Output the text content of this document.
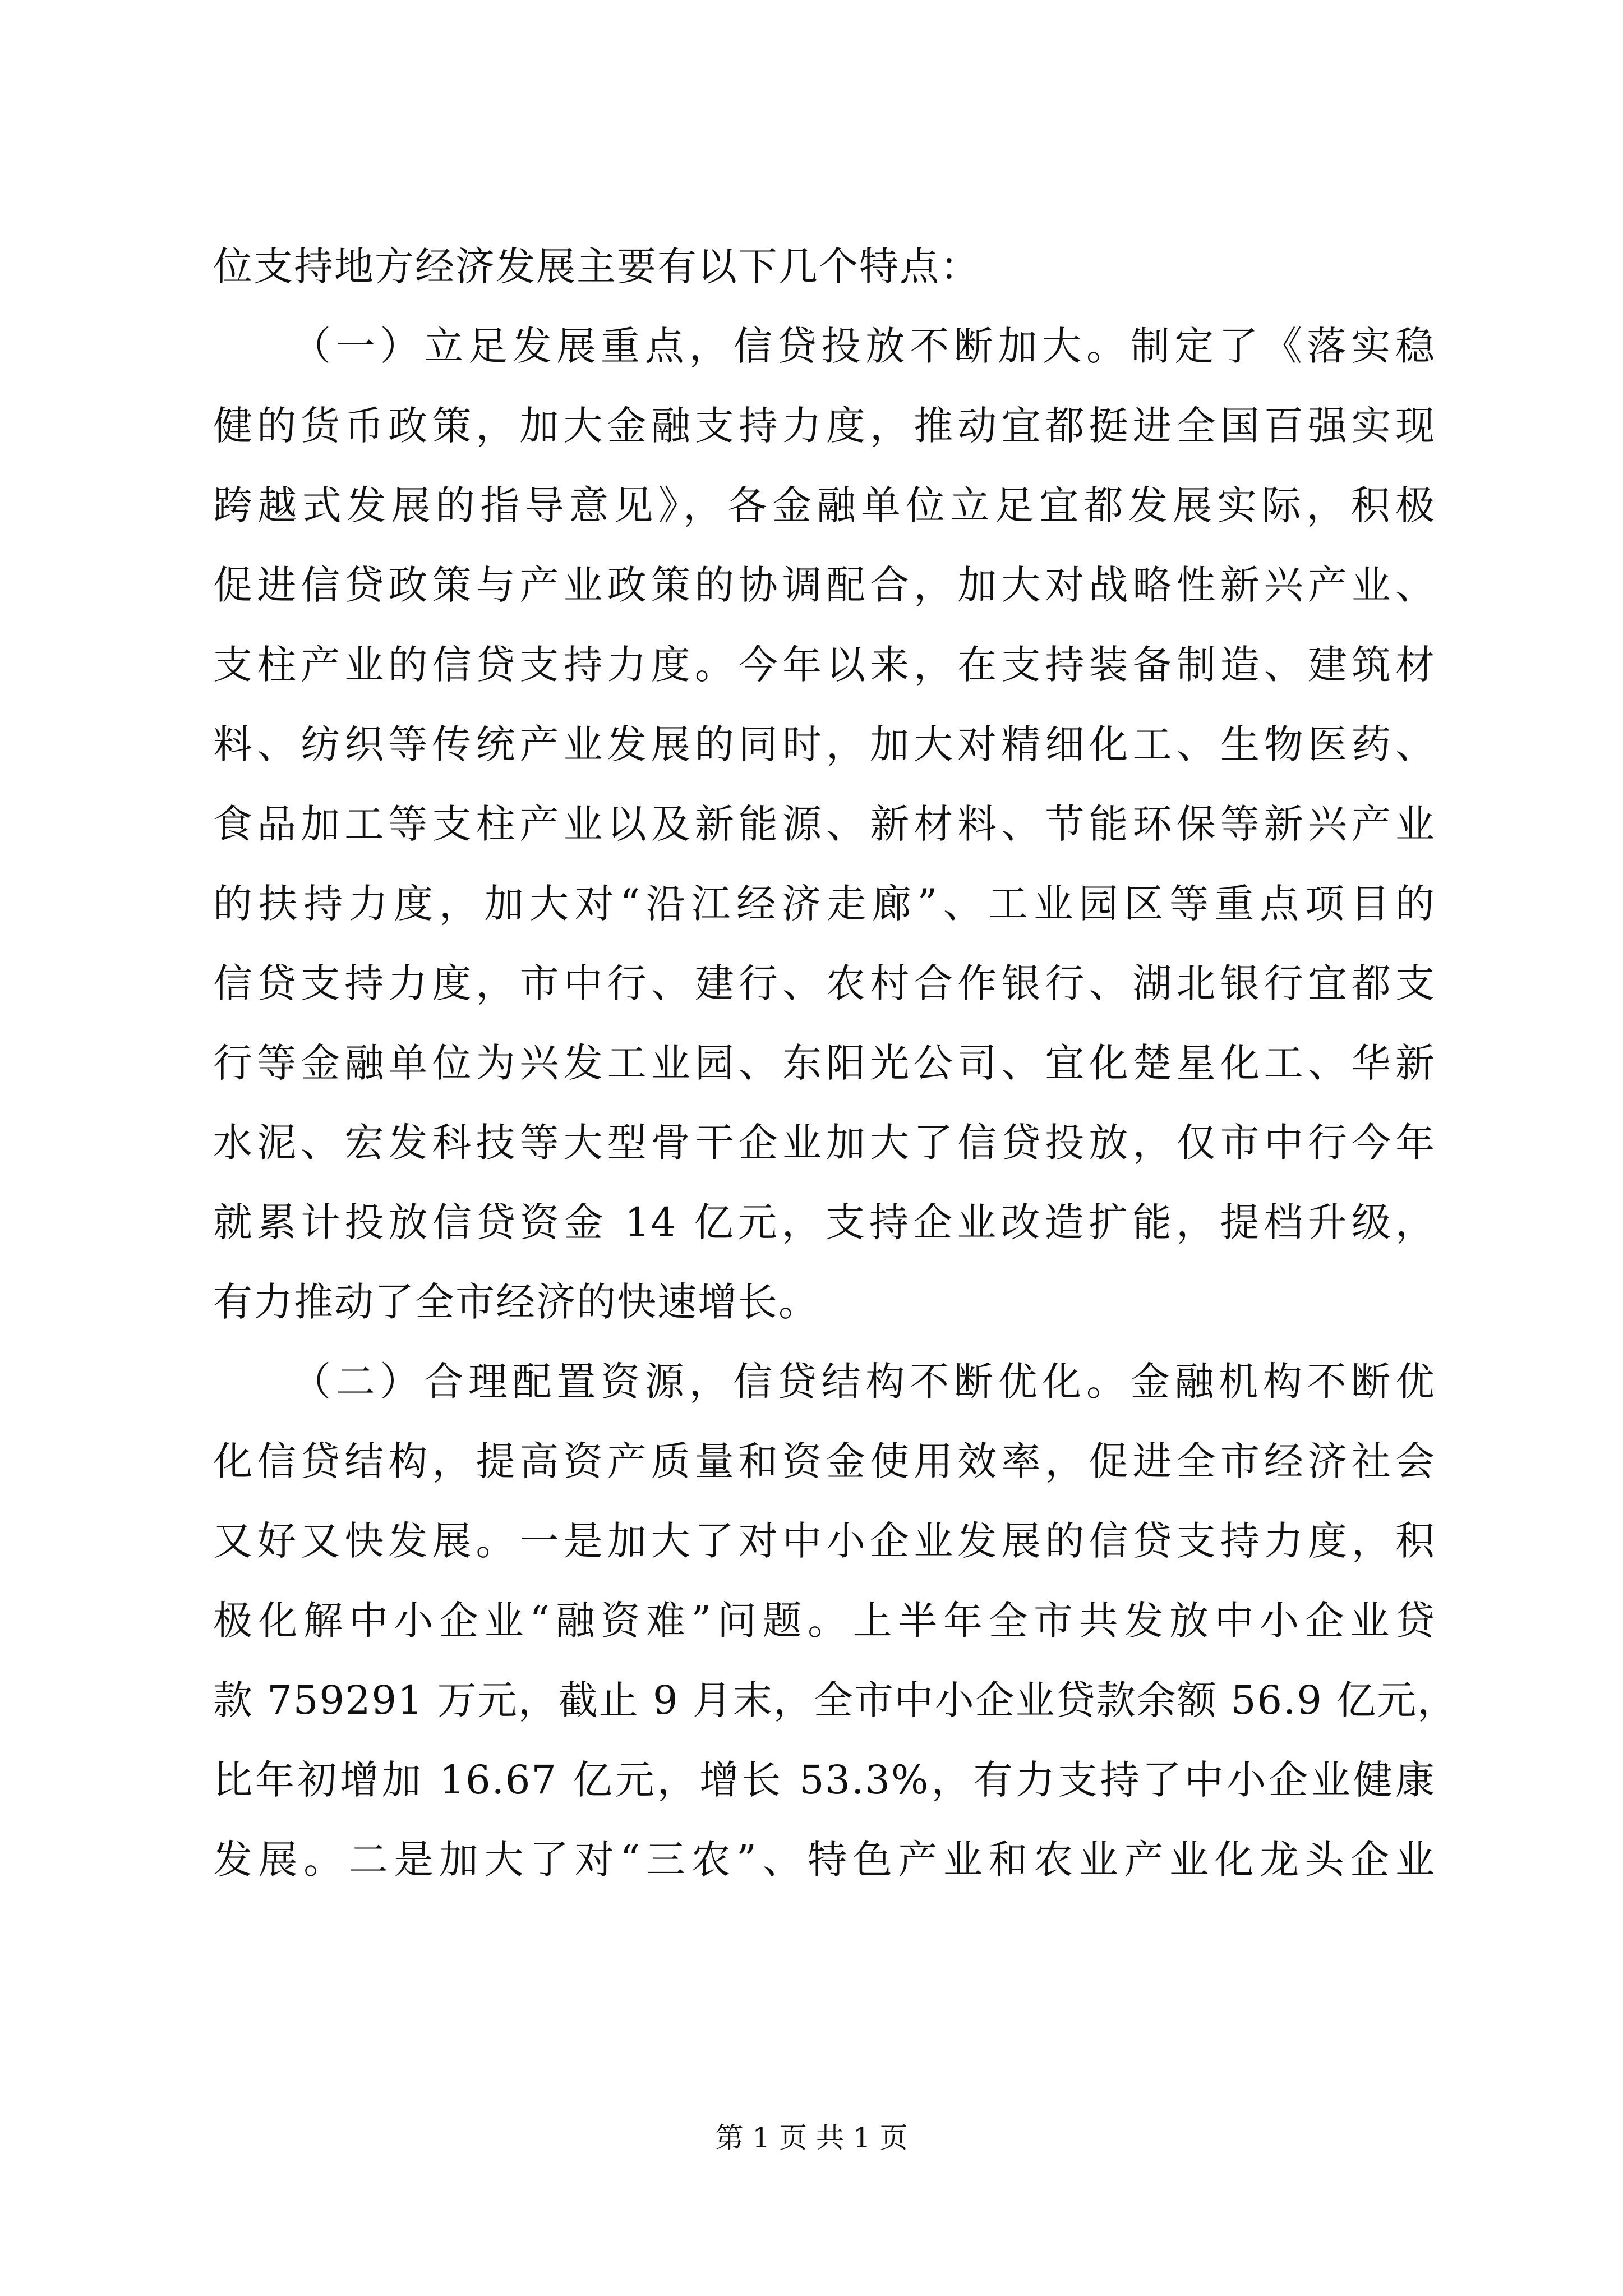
位支持地方经济发展主要有以下几个特点：
（一）立足发展重点，信贷投放不断加大。制定了《落实稳
健的货币政策，加大金融支持力度，推动宜都挺进全国百强实现
跨越式发展的指导意见》，各金融单位立足宜都发展实际，积极
促进信贷政策与产业政策的协调配合，加大对战略性新兴产业、
支柱产业的信贷支持力度。今年以来，在支持装备制造、建筑材
料、纺织等传统产业发展的同时，加大对精细化工、生物医药、
食品加工等支柱产业以及新能源、新材料、节能环保等新兴产业
的扶持力度，加大对“沿江经济走廊”、工业园区等重点项目的
信贷支持力度，市中行、建行、农村合作银行、湖北银行宜都支
行等金融单位为兴发工业园、东阳光公司、宜化楚星化工、华新
水泥、宏发科技等大型骨干企业加大了信贷投放，仅市中行今年
就累计投放信贷资金 14 亿元，支持企业改造扩能，提档升级，
有力推动了全市经济的快速增长。
（二）合理配置资源，信贷结构不断优化。金融机构不断优
化信贷结构，提高资产质量和资金使用效率，促进全市经济社会
又好又快发展。一是加大了对中小企业发展的信贷支持力度，积
极化解中小企业“融资难”问题。上半年全市共发放中小企业贷
款 759291 万元，截止 9 月末，全市中小企业贷款余额 56.9 亿元，
比年初增加 16.67 亿元，增长 53.3%，有力支持了中小企业健康
发展。二是加大了对“三农”、特色产业和农业产业化龙头企业
第 1 页 共 1 页
